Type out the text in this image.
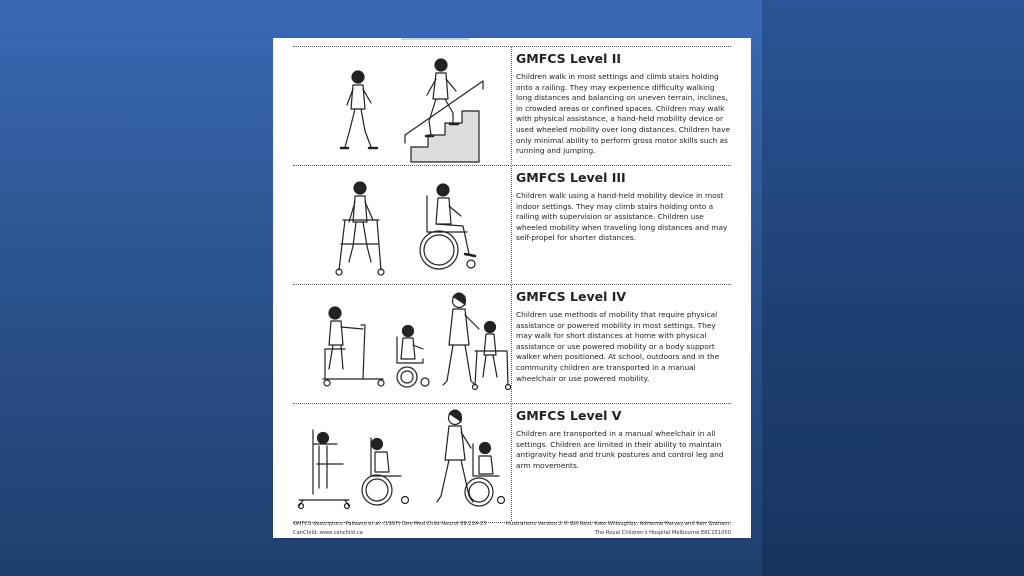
GMFCS Level II

Children walk in most settings and climb stairs holding onto a railing. They may experience difficulty walking long distances and balancing on uneven terrain, inclines, in crowded areas or confined spaces. Children may walk with physical assistance, a hand-held mobility device or used wheeled mobility over long distances. Children have only minimal ability to perform gross motor skills such as running and jumping.

GMFCS Level III

Children walk using a hand-held mobility device in most indoor settings. They may climb stairs holding onto a railing with supervision or assistance. Children use wheeled mobility when traveling long distances and may self-propel for shorter distances.

GMFCS Level IV

Children use methods of mobility that require physical assistance or powered mobility in most settings. They may walk for short distances at home with physical assistance or use powered mobility or a body support walker when positioned. At school, outdoors and in the community children are transported in a manual wheelchair or use powered mobility.

GMFCS Level V

Children are transported in a manual wheelchair in all settings. Children are limited in their ability to maintain antigravity head and trunk postures and control leg and arm movements.

GMFCS descriptors: Palisano et al. (1997) Dev Med Child Neurol 39:214-23
CanChild: www.canchild.ca
Illustrations Version 2 © Bill Reid, Kate Willoughby, Adrienne Harvey and Kerr Graham,
The Royal Children's Hospital Melbourne ERC151050
